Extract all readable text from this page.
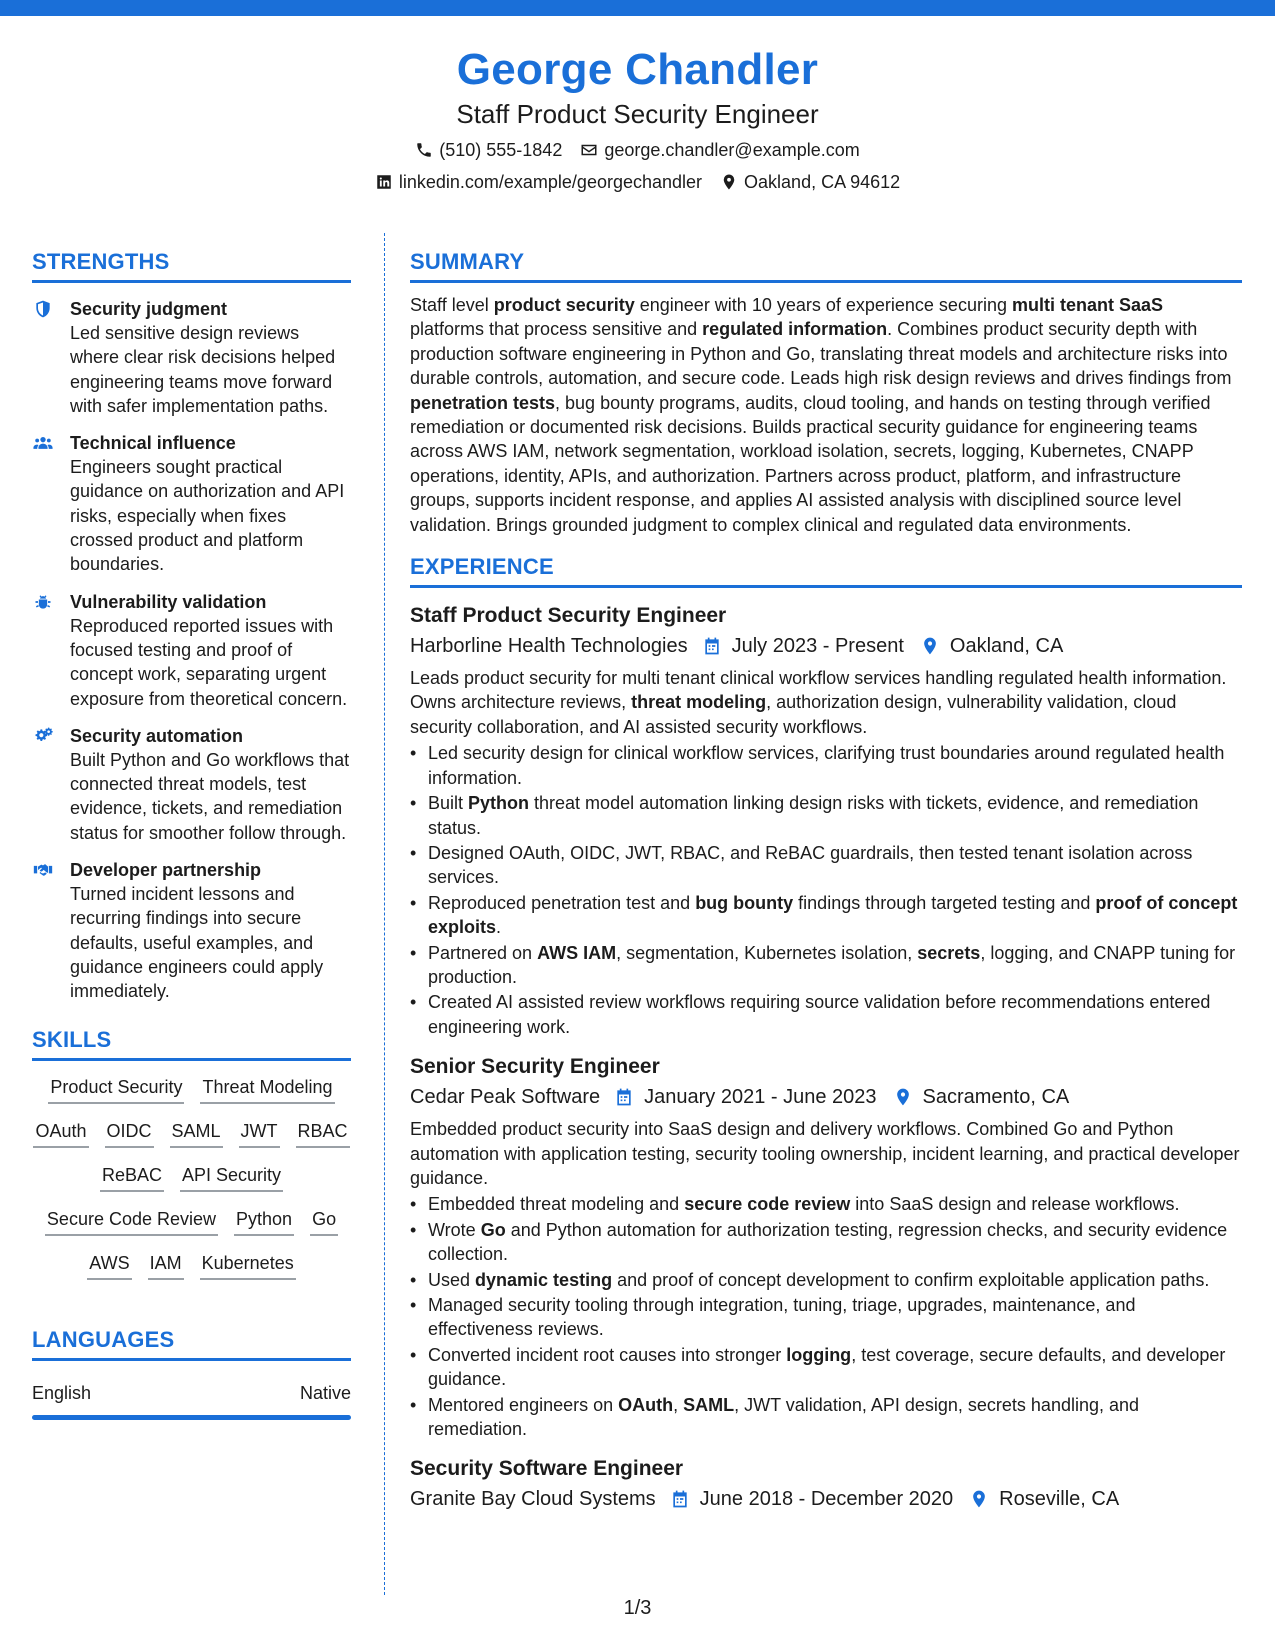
George Chandler
Staff Product Security Engineer
(510) 555-1842 george.chandler@example.com
linkedin.com/example/georgechandler Oakland, CA 94612
STRENGTHS
Security judgment
Led sensitive design reviews where clear risk decisions helped engineering teams move forward with safer implementation paths.
Technical influence
Engineers sought practical guidance on authorization and API risks, especially when fixes crossed product and platform boundaries.
Vulnerability validation
Reproduced reported issues with focused testing and proof of concept work, separating urgent exposure from theoretical concern.
Security automation
Built Python and Go workflows that connected threat models, test evidence, tickets, and remediation status for smoother follow through.
Developer partnership
Turned incident lessons and recurring findings into secure defaults, useful examples, and guidance engineers could apply immediately.
SKILLS
Product Security Threat Modeling
OAuth OIDC SAML JWT RBAC
ReBAC API Security
Secure Code Review Python Go
AWS IAM Kubernetes
LANGUAGES
English	Native
SUMMARY
Staff level product security engineer with 10 years of experience securing multi tenant SaaS platforms that process sensitive and regulated information. Combines product security depth with production software engineering in Python and Go, translating threat models and architecture risks into durable controls, automation, and secure code. Leads high risk design reviews and drives findings from penetration tests, bug bounty programs, audits, cloud tooling, and hands on testing through verified remediation or documented risk decisions. Builds practical security guidance for engineering teams across AWS IAM, network segmentation, workload isolation, secrets, logging, Kubernetes, CNAPP operations, identity, APIs, and authorization. Partners across product, platform, and infrastructure groups, supports incident response, and applies AI assisted analysis with disciplined source level validation. Brings grounded judgment to complex clinical and regulated data environments.
EXPERIENCE
Staff Product Security Engineer
Harborline Health Technologies July 2023 - Present Oakland, CA
Leads product security for multi tenant clinical workflow services handling regulated health information. Owns architecture reviews, threat modeling, authorization design, vulnerability validation, cloud security collaboration, and AI assisted security workflows.
• Led security design for clinical workflow services, clarifying trust boundaries around regulated health information.
• Built Python threat model automation linking design risks with tickets, evidence, and remediation status.
• Designed OAuth, OIDC, JWT, RBAC, and ReBAC guardrails, then tested tenant isolation across services.
• Reproduced penetration test and bug bounty findings through targeted testing and proof of concept exploits.
• Partnered on AWS IAM, segmentation, Kubernetes isolation, secrets, logging, and CNAPP tuning for production.
• Created AI assisted review workflows requiring source validation before recommendations entered engineering work.
Senior Security Engineer
Cedar Peak Software January 2021 - June 2023 Sacramento, CA
Embedded product security into SaaS design and delivery workflows. Combined Go and Python automation with application testing, security tooling ownership, incident learning, and practical developer guidance.
• Embedded threat modeling and secure code review into SaaS design and release workflows.
• Wrote Go and Python automation for authorization testing, regression checks, and security evidence collection.
• Used dynamic testing and proof of concept development to confirm exploitable application paths.
• Managed security tooling through integration, tuning, triage, upgrades, maintenance, and effectiveness reviews.
• Converted incident root causes into stronger logging, test coverage, secure defaults, and developer guidance.
• Mentored engineers on OAuth, SAML, JWT validation, API design, secrets handling, and remediation.
Security Software Engineer
Granite Bay Cloud Systems June 2018 - December 2020 Roseville, CA
1/3
